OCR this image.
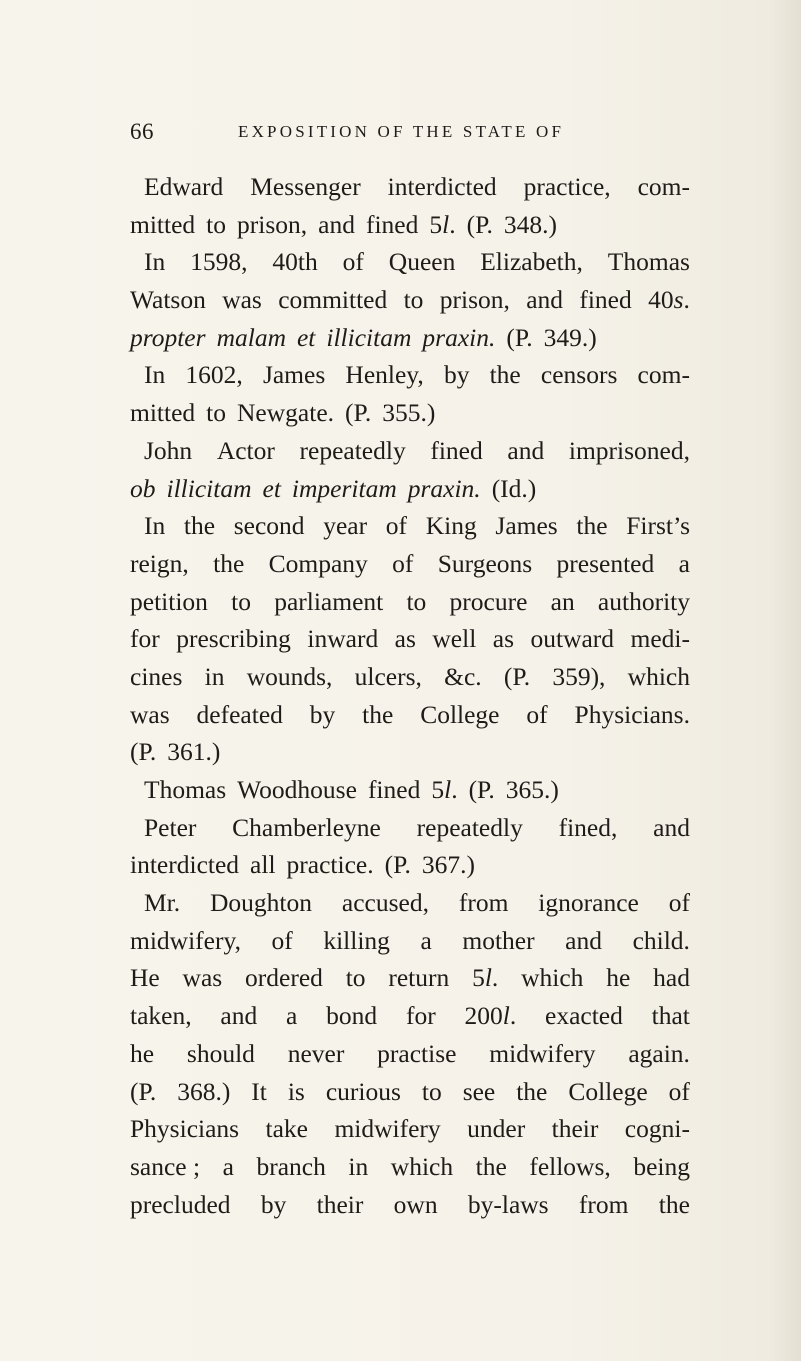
66	EXPOSITION OF THE STATE OF
Edward Messenger interdicted practice, com-
mitted to prison, and fined 5l. (P. 348.)
In 1598, 40th of Queen Elizabeth, Thomas
Watson was committed to prison, and fined 40s.
propter malam et illicitam praxin. (P. 349.)
In 1602, James Henley, by the censors com-
mitted to Newgate. (P. 355.)
John Actor repeatedly fined and imprisoned,
ob illicitam et imperitam praxin. (Id.)
In the second year of King James the First’s
reign, the Company of Surgeons presented a
petition to parliament to procure an authority
for prescribing inward as well as outward medi-
cines in wounds, ulcers, &c. (P. 359), which
was defeated by the College of Physicians.
(P. 361.)
Thomas Woodhouse fined 5l. (P. 365.)
Peter Chamberleyne repeatedly fined, and
interdicted all practice. (P. 367.)
Mr. Doughton accused, from ignorance of
midwifery, of killing a mother and child.
He was ordered to return 5l. which he had
taken, and a bond for 200l. exacted that
he should never practise midwifery again.
(P. 368.) It is curious to see the College of
Physicians take midwifery under their cogni-
sance ; a branch in which the fellows, being
precluded by their own by-laws from the
